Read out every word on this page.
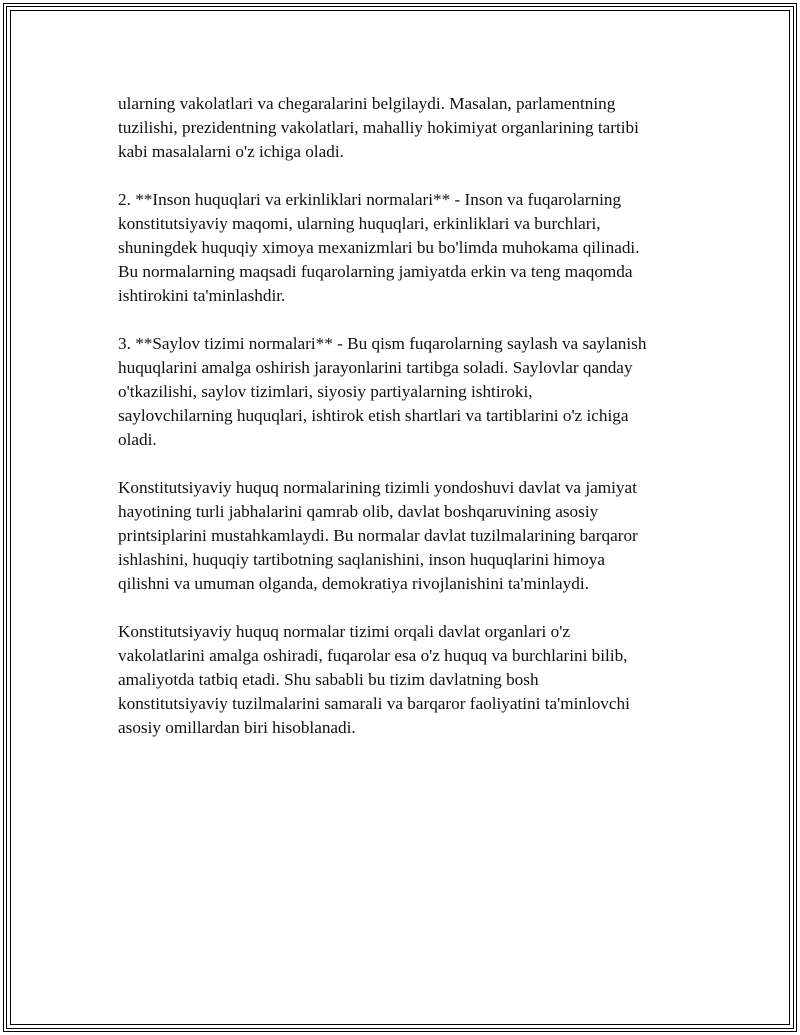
ularning vakolatlari va chegaralarini belgilaydi. Masalan, parlamentning
tuzilishi, prezidentning vakolatlari, mahalliy hokimiyat organlarining tartibi
kabi masalalarni o'z ichiga oladi.

2. **Inson huquqlari va erkinliklari normalari** - Inson va fuqarolarning
konstitutsiyaviy maqomi, ularning huquqlari, erkinliklari va burchlari,
shuningdek huquqiy ximoya mexanizmlari bu bo'limda muhokama qilinadi.
Bu normalarning maqsadi fuqarolarning jamiyatda erkin va teng maqomda
ishtirokini ta'minlashdir.

3. **Saylov tizimi normalari** - Bu qism fuqarolarning saylash va saylanish
huquqlarini amalga oshirish jarayonlarini tartibga soladi. Saylovlar qanday
o'tkazilishi, saylov tizimlari, siyosiy partiyalarning ishtiroki,
saylovchilarning huquqlari, ishtirok etish shartlari va tartiblarini o'z ichiga
oladi.

Konstitutsiyaviy huquq normalarining tizimli yondoshuvi davlat va jamiyat
hayotining turli jabhalarini qamrab olib, davlat boshqaruvining asosiy
printsiplarini mustahkamlaydi. Bu normalar davlat tuzilmalarining barqaror
ishlashini, huquqiy tartibotning saqlanishini, inson huquqlarini himoya
qilishni va umuman olganda, demokratiya rivojlanishini ta'minlaydi.

Konstitutsiyaviy huquq normalar tizimi orqali davlat organlari o'z
vakolatlarini amalga oshiradi, fuqarolar esa o'z huquq va burchlarini bilib,
amaliyotda tatbiq etadi. Shu sababli bu tizim davlatning bosh
konstitutsiyaviy tuzilmalarini samarali va barqaror faoliyatini ta'minlovchi
asosiy omillardan biri hisoblanadi.
